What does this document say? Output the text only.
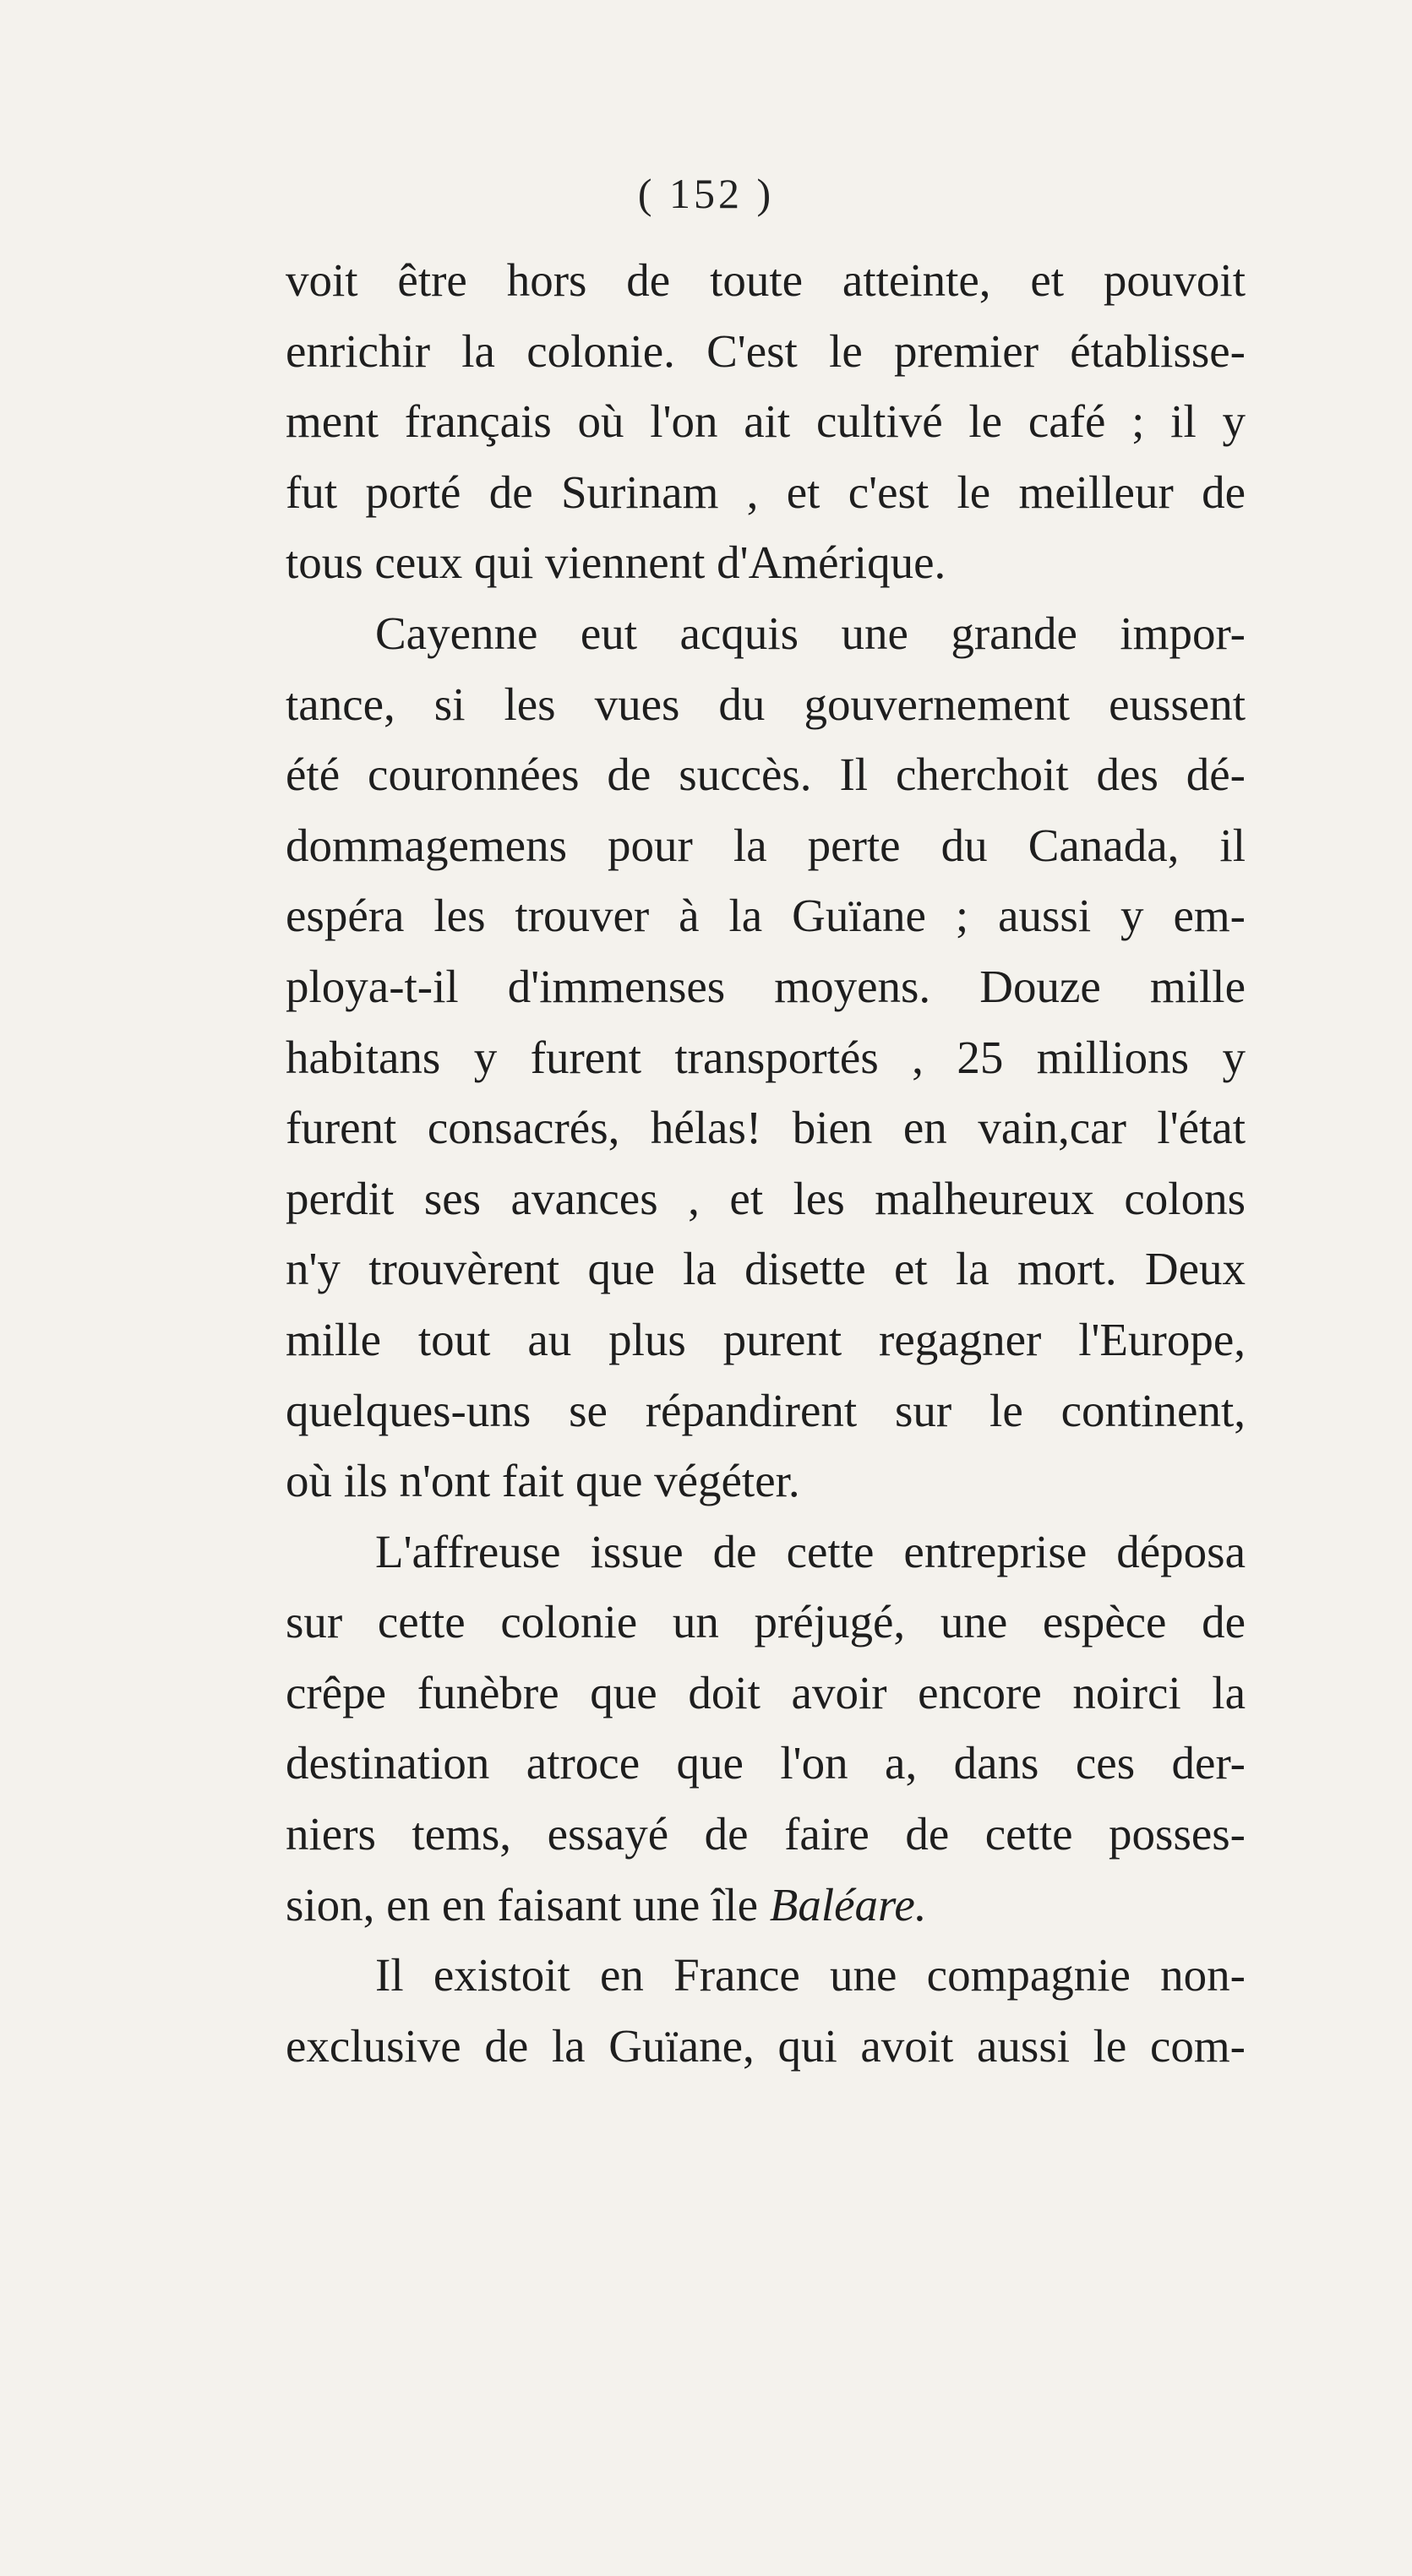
( 152 )
voit être hors de toute atteinte, et pouvoit
enrichir la colonie. C'est le premier établisse-
ment français où l'on ait cultivé le café ; il y
fut porté de Surinam , et c'est le meilleur de
tous ceux qui viennent d'Amérique.
Cayenne eut acquis une grande impor-
tance, si les vues du gouvernement eussent
été couronnées de succès. Il cherchoit des dé-
dommagemens pour la perte du Canada, il
espéra les trouver à la Guïane ; aussi y em-
ploya-t-il d'immenses moyens. Douze mille
habitans y furent transportés , 25 millions y
furent consacrés, hélas! bien en vain,car l'état
perdit ses avances , et les malheureux colons
n'y trouvèrent que la disette et la mort. Deux
mille tout au plus purent regagner l'Europe,
quelques-uns se répandirent sur le continent,
où ils n'ont fait que végéter.
L'affreuse issue de cette entreprise déposa
sur cette colonie un préjugé, une espèce de
crêpe funèbre que doit avoir encore noirci la
destination atroce que l'on a, dans ces der-
niers tems, essayé de faire de cette posses-
sion, en en faisant une île Baléare.
Il existoit en France une compagnie non-
exclusive de la Guïane, qui avoit aussi le com-
